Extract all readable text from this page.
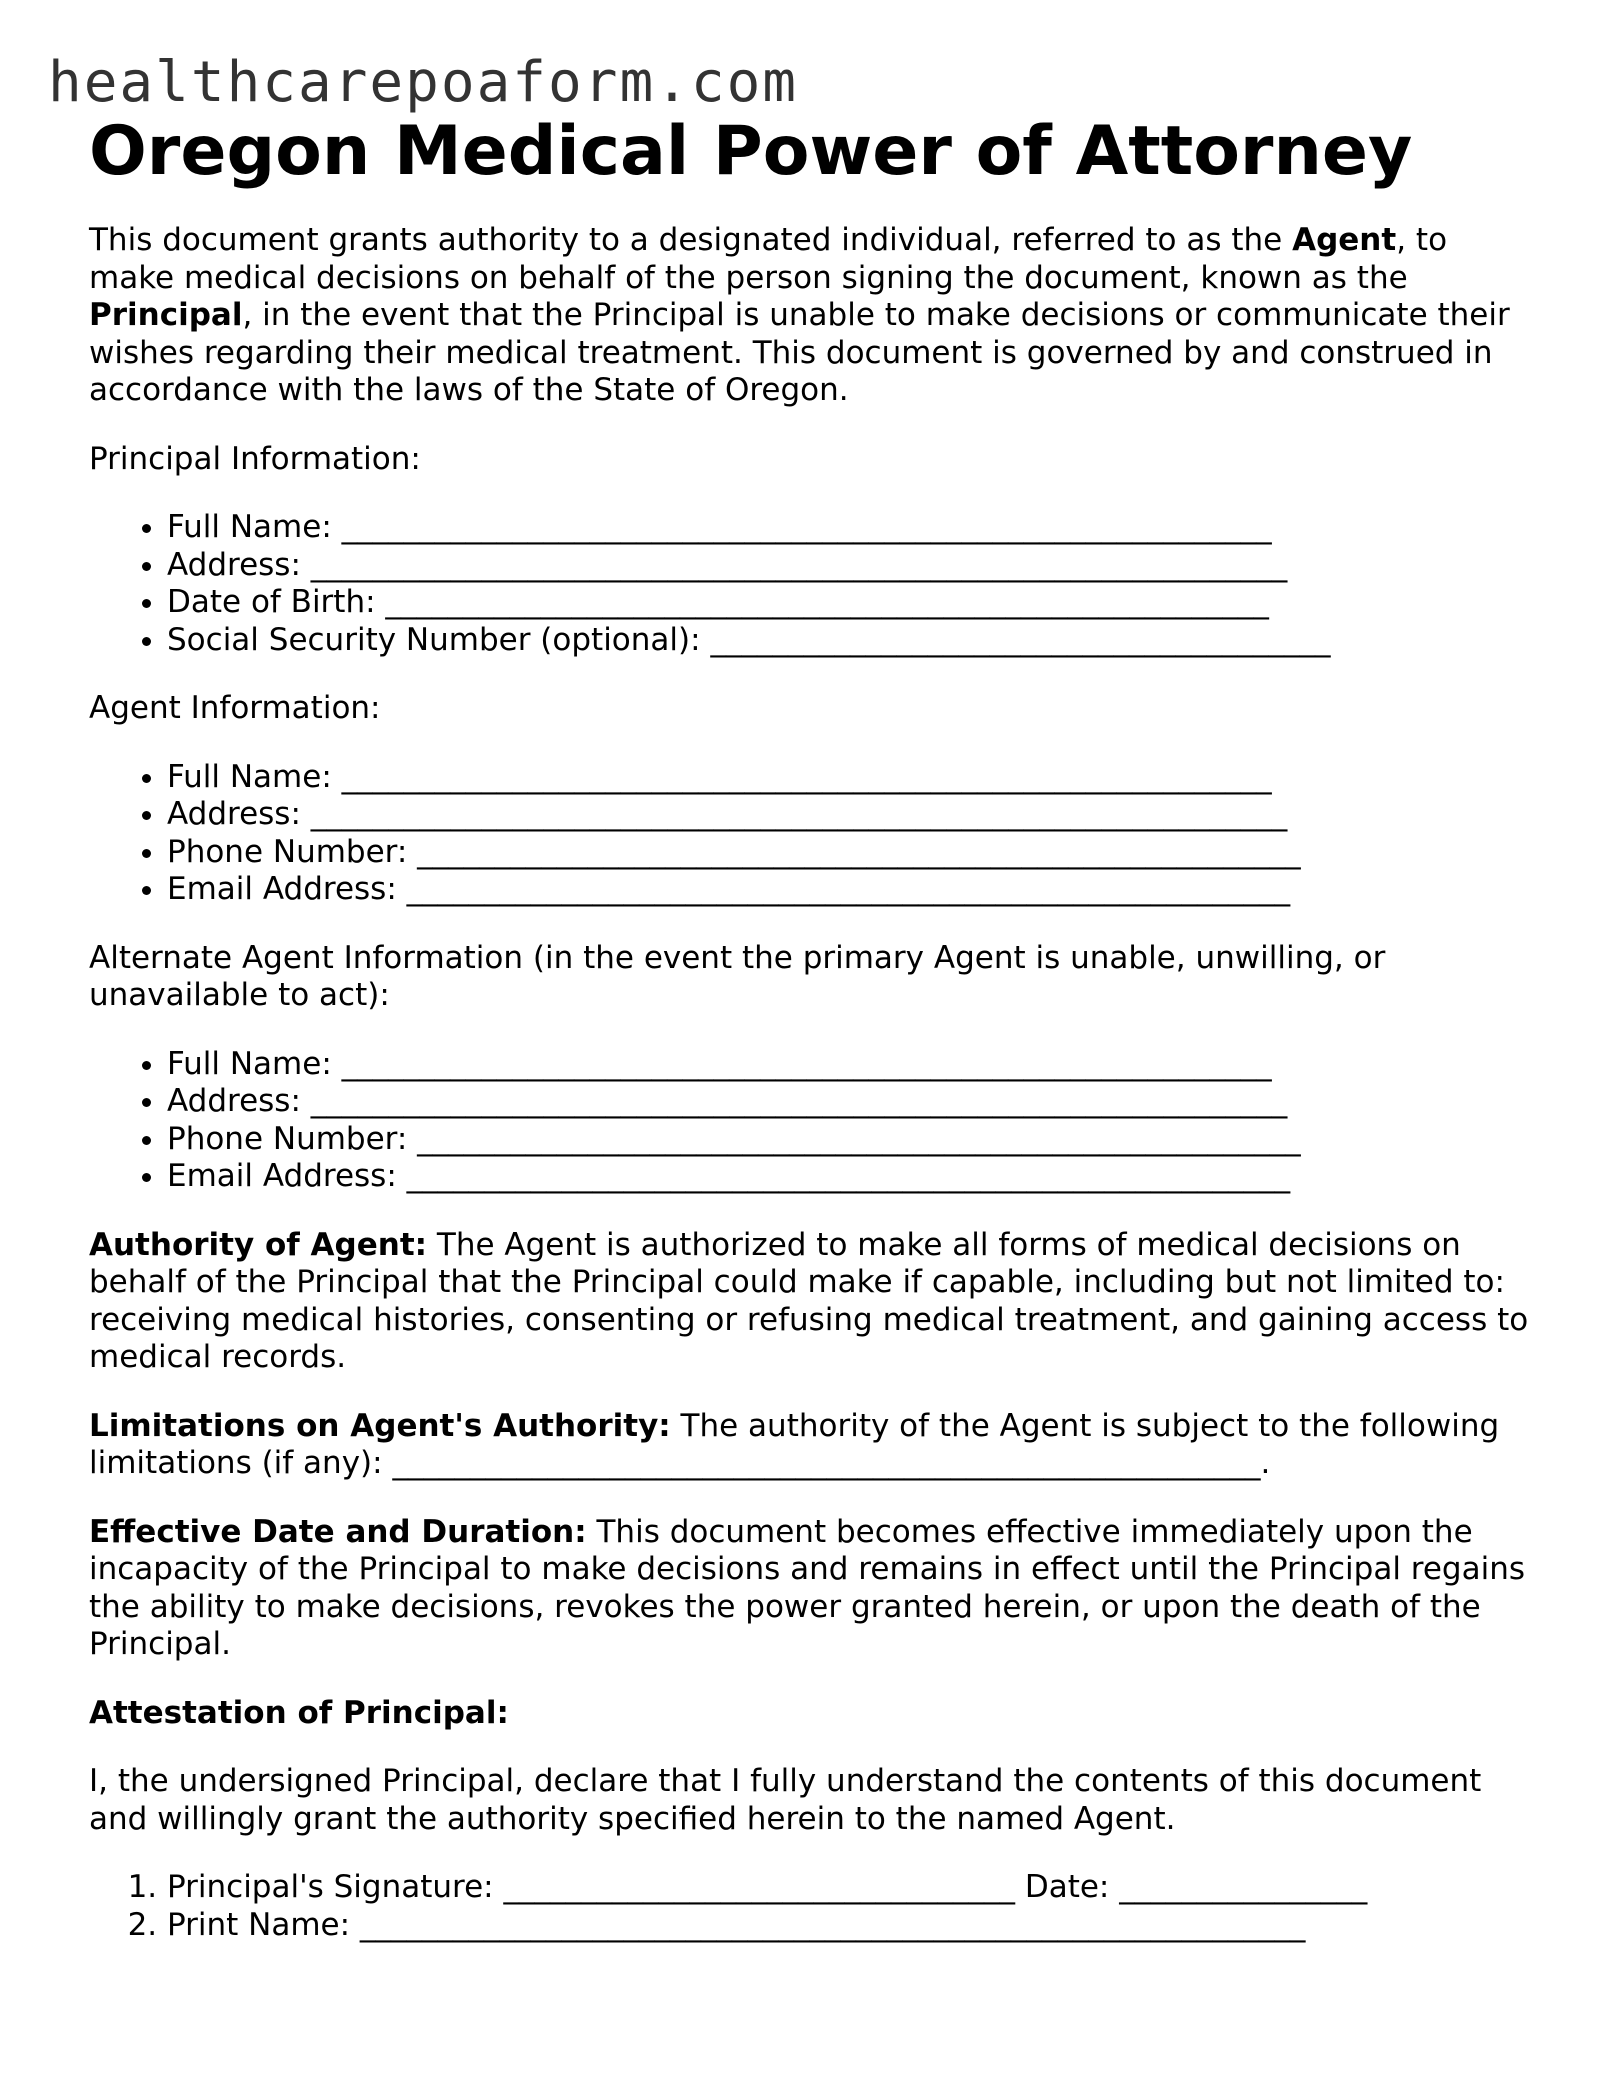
healthcarepoaform.com
Oregon Medical Power of Attorney

This document grants authority to a designated individual, referred to as the Agent, to make medical decisions on behalf of the person signing the document, known as the Principal, in the event that the Principal is unable to make decisions or communicate their wishes regarding their medical treatment. This document is governed by and construed in accordance with the laws of the State of Oregon.

Principal Information:

• Full Name: ____________________________________________________________
• Address: _______________________________________________________________
• Date of Birth: _________________________________________________________
• Social Security Number (optional): ________________________________________

Agent Information:

• Full Name: ____________________________________________________________
• Address: _______________________________________________________________
• Phone Number: _________________________________________________________
• Email Address: _________________________________________________________

Alternate Agent Information (in the event the primary Agent is unable, unwilling, or unavailable to act):

• Full Name: ____________________________________________________________
• Address: _______________________________________________________________
• Phone Number: _________________________________________________________
• Email Address: _________________________________________________________

Authority of Agent: The Agent is authorized to make all forms of medical decisions on behalf of the Principal that the Principal could make if capable, including but not limited to: receiving medical histories, consenting or refusing medical treatment, and gaining access to medical records.

Limitations on Agent's Authority: The authority of the Agent is subject to the following limitations (if any): ________________________________________________________.

Effective Date and Duration: This document becomes effective immediately upon the incapacity of the Principal to make decisions and remains in effect until the Principal regains the ability to make decisions, revokes the power granted herein, or upon the death of the Principal.

Attestation of Principal:

I, the undersigned Principal, declare that I fully understand the contents of this document and willingly grant the authority specified herein to the named Agent.

1. Principal's Signature: _________________________________ Date: ________________
2. Print Name: _____________________________________________________________
